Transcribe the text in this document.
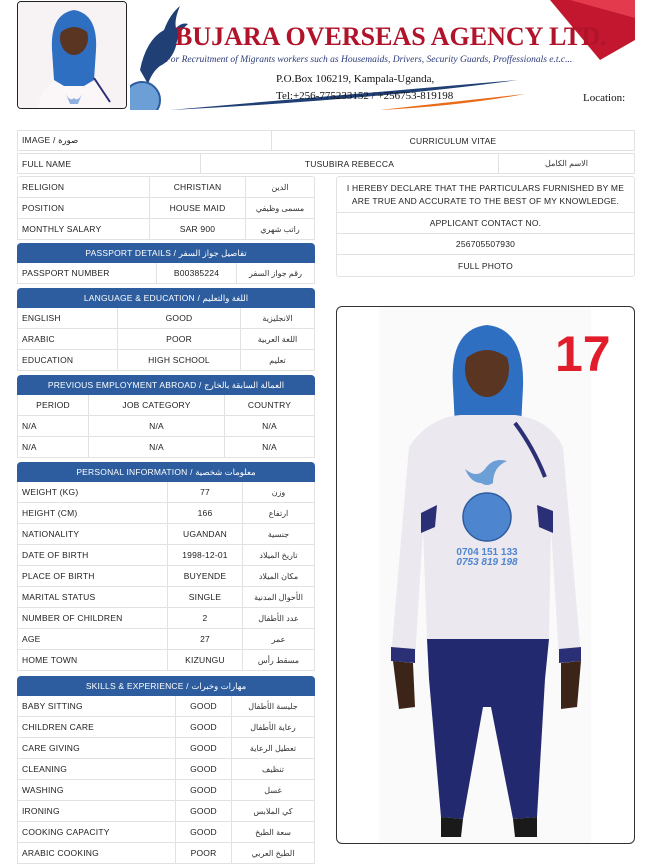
BUJARA OVERSEAS AGENCY LTD.
For Recruitment of Migrants workers such as Housemaids, Drivers, Security Guards, Proffessionals e.t.c...
P.O.Box 106219, Kampala-Uganda,
Tel:+256-775233152 / +256753-819198	Location:
IMAGE / صورة	CURRICULUM VITAE
FULL NAME	TUSUBIRA REBECCA	الاسم الكامل
RELIGION	CHRISTIAN	الدين
POSITION	HOUSE MAID	مسمى وظيفي
MONTHLY SALARY	SAR 900	راتب شهري
PASSPORT DETAILS / تفاصيل جواز السفر
PASSPORT NUMBER	B00385224	رقم جواز السفر
LANGUAGE & EDUCATION / اللغة والتعليم
ENGLISH	GOOD	الانجليزية
ARABIC	POOR	اللغة العربية
EDUCATION	HIGH SCHOOL	تعليم
PREVIOUS EMPLOYMENT ABROAD / العمالة السابقة بالخارج
PERIOD	JOB CATEGORY	COUNTRY
N/A	N/A	N/A
N/A	N/A	N/A
PERSONAL INFORMATION / معلومات شخصية
WEIGHT (KG)	77	وزن
HEIGHT (CM)	166	ارتفاع
NATIONALITY	UGANDAN	جنسية
DATE OF BIRTH	1998-12-01	تاريخ الميلاد
PLACE OF BIRTH	BUYENDE	مكان الميلاد
MARITAL STATUS	SINGLE	الأحوال المدنية
NUMBER OF CHILDREN	2	عدد الأطفال
AGE	27	عمر
HOME TOWN	KIZUNGU	مسقط رأس
SKILLS & EXPERIENCE / مهارات وخبرات
BABY SITTING	GOOD	جليسة الأطفال
CHILDREN CARE	GOOD	رعاية الأطفال
CARE GIVING	GOOD	تعطيل الرعاية
CLEANING	GOOD	تنظيف
WASHING	GOOD	غسل
IRONING	GOOD	كي الملابس
COOKING CAPACITY	GOOD	سعة الطبخ
ARABIC COOKING	POOR	الطبخ العربي
I HEREBY DECLARE THAT THE PARTICULARS FURNISHED BY ME ARE TRUE AND ACCURATE TO THE BEST OF MY KNOWLEDGE.
APPLICANT CONTACT NO.
256705507930
FULL PHOTO
0704 151 133
0753 819 198
17
